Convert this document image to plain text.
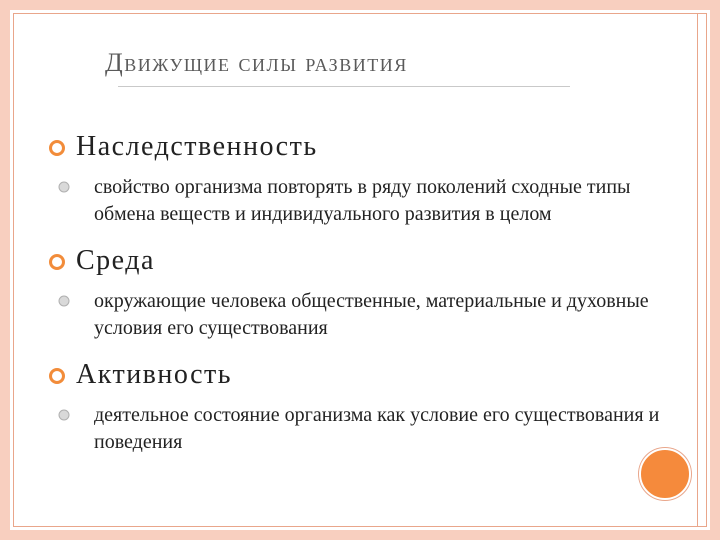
Движущие силы развития
Наследственность
свойство организма повторять в ряду поколений сходные типы обмена веществ и индивидуального развития в целом
Среда
окружающие человека общественные, материальные и духовные условия его существования
Активность
деятельное состояние организма как условие его существования и поведения
